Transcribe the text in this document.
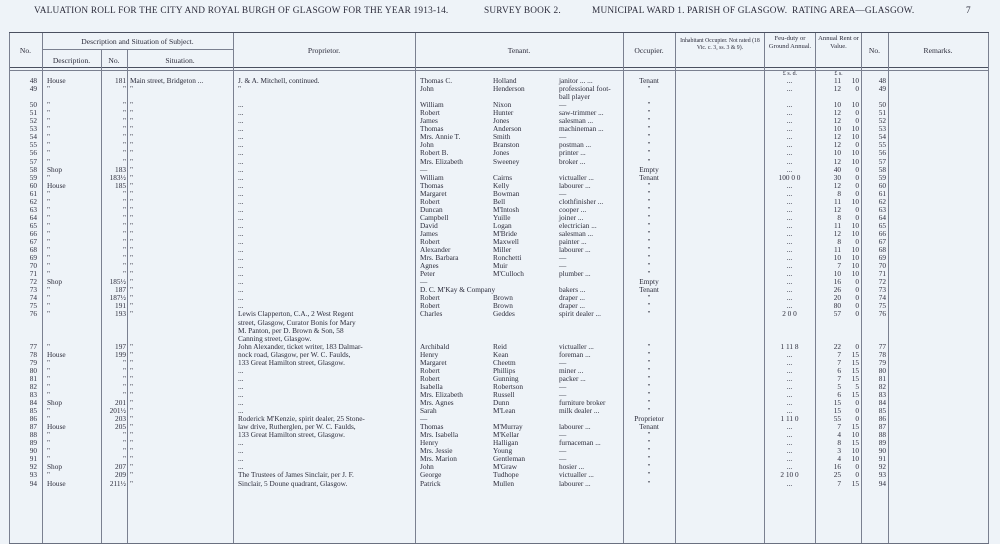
VALUATION ROLL FOR THE CITY AND ROYAL BURGH OF GLASGOW FOR THE YEAR 1913-14.	SURVEY BOOK 2.	MUNICIPAL WARD 1. PARISH OF GLASGOW. RATING AREA—GLASGOW.	7
No.
Description and Situation of Subject.
Description.	No.	Situation.
Proprietor.	Tenant.	Occupier.
Inhabitant Occupier. Not rated (18 Vic. c. 3, ss. 3 & 9).
Feu-duty or Ground Annual.
Annual Rent or Value.	No.	Remarks.
£ s. d.	£ s.
48 House	181 Main street, Bridgeton ...	J. & A. Mitchell, continued.	Thomas C.	Holland	janitor ... ...	Tenant	...	11	10	48
49 "	" "	"	John	Henderson	professional foot-	"	...	12	0	49
ball player
50 "	" "	...	William	Nixon	—	"	...	10	10	50
51 "	" "	...	Robert	Hunter	saw-trimmer ...	"	...	12	0	51
52 "	" "	...	James	Jones	salesman ...	"	...	12	0	52
53 "	" "	...	Thomas	Anderson	machineman ...	"	...	10	10	53
54 "	" "	...	Mrs. Annie T.	Smith	—	"	...	12	10	54
55 "	" "	...	John	Branston	postman ...	"	...	12	0	55
56 "	" "	...	Robert B.	Jones	printer ...	"	...	10	10	56
57 "	" "	...	Mrs. Elizabeth	Sweeney	broker ...	"	...	12	10	57
58 Shop	183 "	...	—	Empty	...	40	0	58
59 "	183½ "	...	William	Cairns	victualler ...	Tenant	100 0 0	30	0	59
60 House	185 "	...	Thomas	Kelly	labourer ...	"	...	12	0	60
61 "	" "	...	Margaret	Bowman	—	"	...	8	0	61
62 "	" "	...	Robert	Bell	clothfinisher ...	"	...	11	10	62
63 "	" "	...	Duncan	M'Intosh	cooper ...	"	...	12	0	63
64 "	" "	...	Campbell	Yuille	joiner ...	"	...	8	0	64
65 "	" "	...	David	Logan	electrician ...	"	...	11	10	65
66 "	" "	...	James	M'Bride	salesman ...	"	...	12	10	66
67 "	" "	...	Robert	Maxwell	painter ...	"	...	8	0	67
68 "	" "	...	Alexander	Miller	labourer ...	"	...	11	10	68
69 "	" "	...	Mrs. Barbara	Ronchetti	—	"	...	10	10	69
70 "	" "	...	Agnes	Muir	—	"	...	7	10	70
71 "	" "	...	Peter	M'Culloch	plumber ...	"	...	10	10	71
72 Shop	185½ "	...	—	Empty	...	16	0	72
73 "	187 "	...	D. C. M'Kay & Company	bakers ...	Tenant	...	26	0	73
74 "	187½ "	...	Robert	Brown	draper ...	"	...	20	0	74
75 "	191 "	...	Robert	Brown	draper ...	"	...	80	0	75
76 "	193 "	Lewis Clapperton, C.A., 2 West Regent	Charles	Geddes	spirit dealer ...	"	2 0 0	57	0	76
street, Glasgow, Curator Bonis for Mary
M. Panton, per D. Brown & Son, 58
Canning street, Glasgow.
77 "	197 "	John Alexander, ticket writer, 183 Dalmar-	Archibald	Reid	victualler ...	"	1 11 8	22	0	77
78 House	199 "	nock road, Glasgow, per W. C. Faulds,	Henry	Kean	foreman ...	"	...	7	15	78
79 "	" "	133 Great Hamilton street, Glasgow.	Margaret	Cheetm	—	"	...	7	15	79
80 "	" "	...	Robert	Phillips	miner ...	"	...	6	15	80
81 "	" "	...	Robert	Gunning	packer ...	"	...	7	15	81
82 "	" "	...	Isabella	Robertson	—	"	...	5	5	82
83 "	" "	...	Mrs. Elizabeth	Russell	—	"	...	6	15	83
84 Shop	201 "	...	Mrs. Agnes	Dunn	furniture broker	"	...	15	0	84
85 "	201½ "	...	Sarah	M'Lean	milk dealer ...	"	...	15	0	85
86 "	203 "	Roderick M'Kenzie, spirit dealer, 25 Stone-	—	Proprietor	1 11 0	55	0	86
87 House	205 "	law drive, Rutherglen, per W. C. Faulds,	Thomas	M'Murray	labourer ...	Tenant	...	7	15	87
88 "	" "	133 Great Hamilton street, Glasgow.	Mrs. Isabella	M'Kellar	—	"	...	4	10	88
89 "	" "	...	Henry	Halligan	furnaceman ...	"	...	8	15	89
90 "	" "	...	Mrs. Jessie	Young	—	"	...	3	10	90
91 "	" "	...	Mrs. Marion	Gentleman	—	"	...	4	10	91
92 Shop	207 "	...	John	M'Graw	hosier ...	"	...	16	0	92
93 "	209 "	The Trustees of James Sinclair, per J. F.	George	Tudhope	victualler ...	"	2 10 0	25	0	93
94 House	211½ "	Sinclair, 5 Doune quadrant, Glasgow.	Patrick	Mullen	labourer ...	"	...	7	15	94
